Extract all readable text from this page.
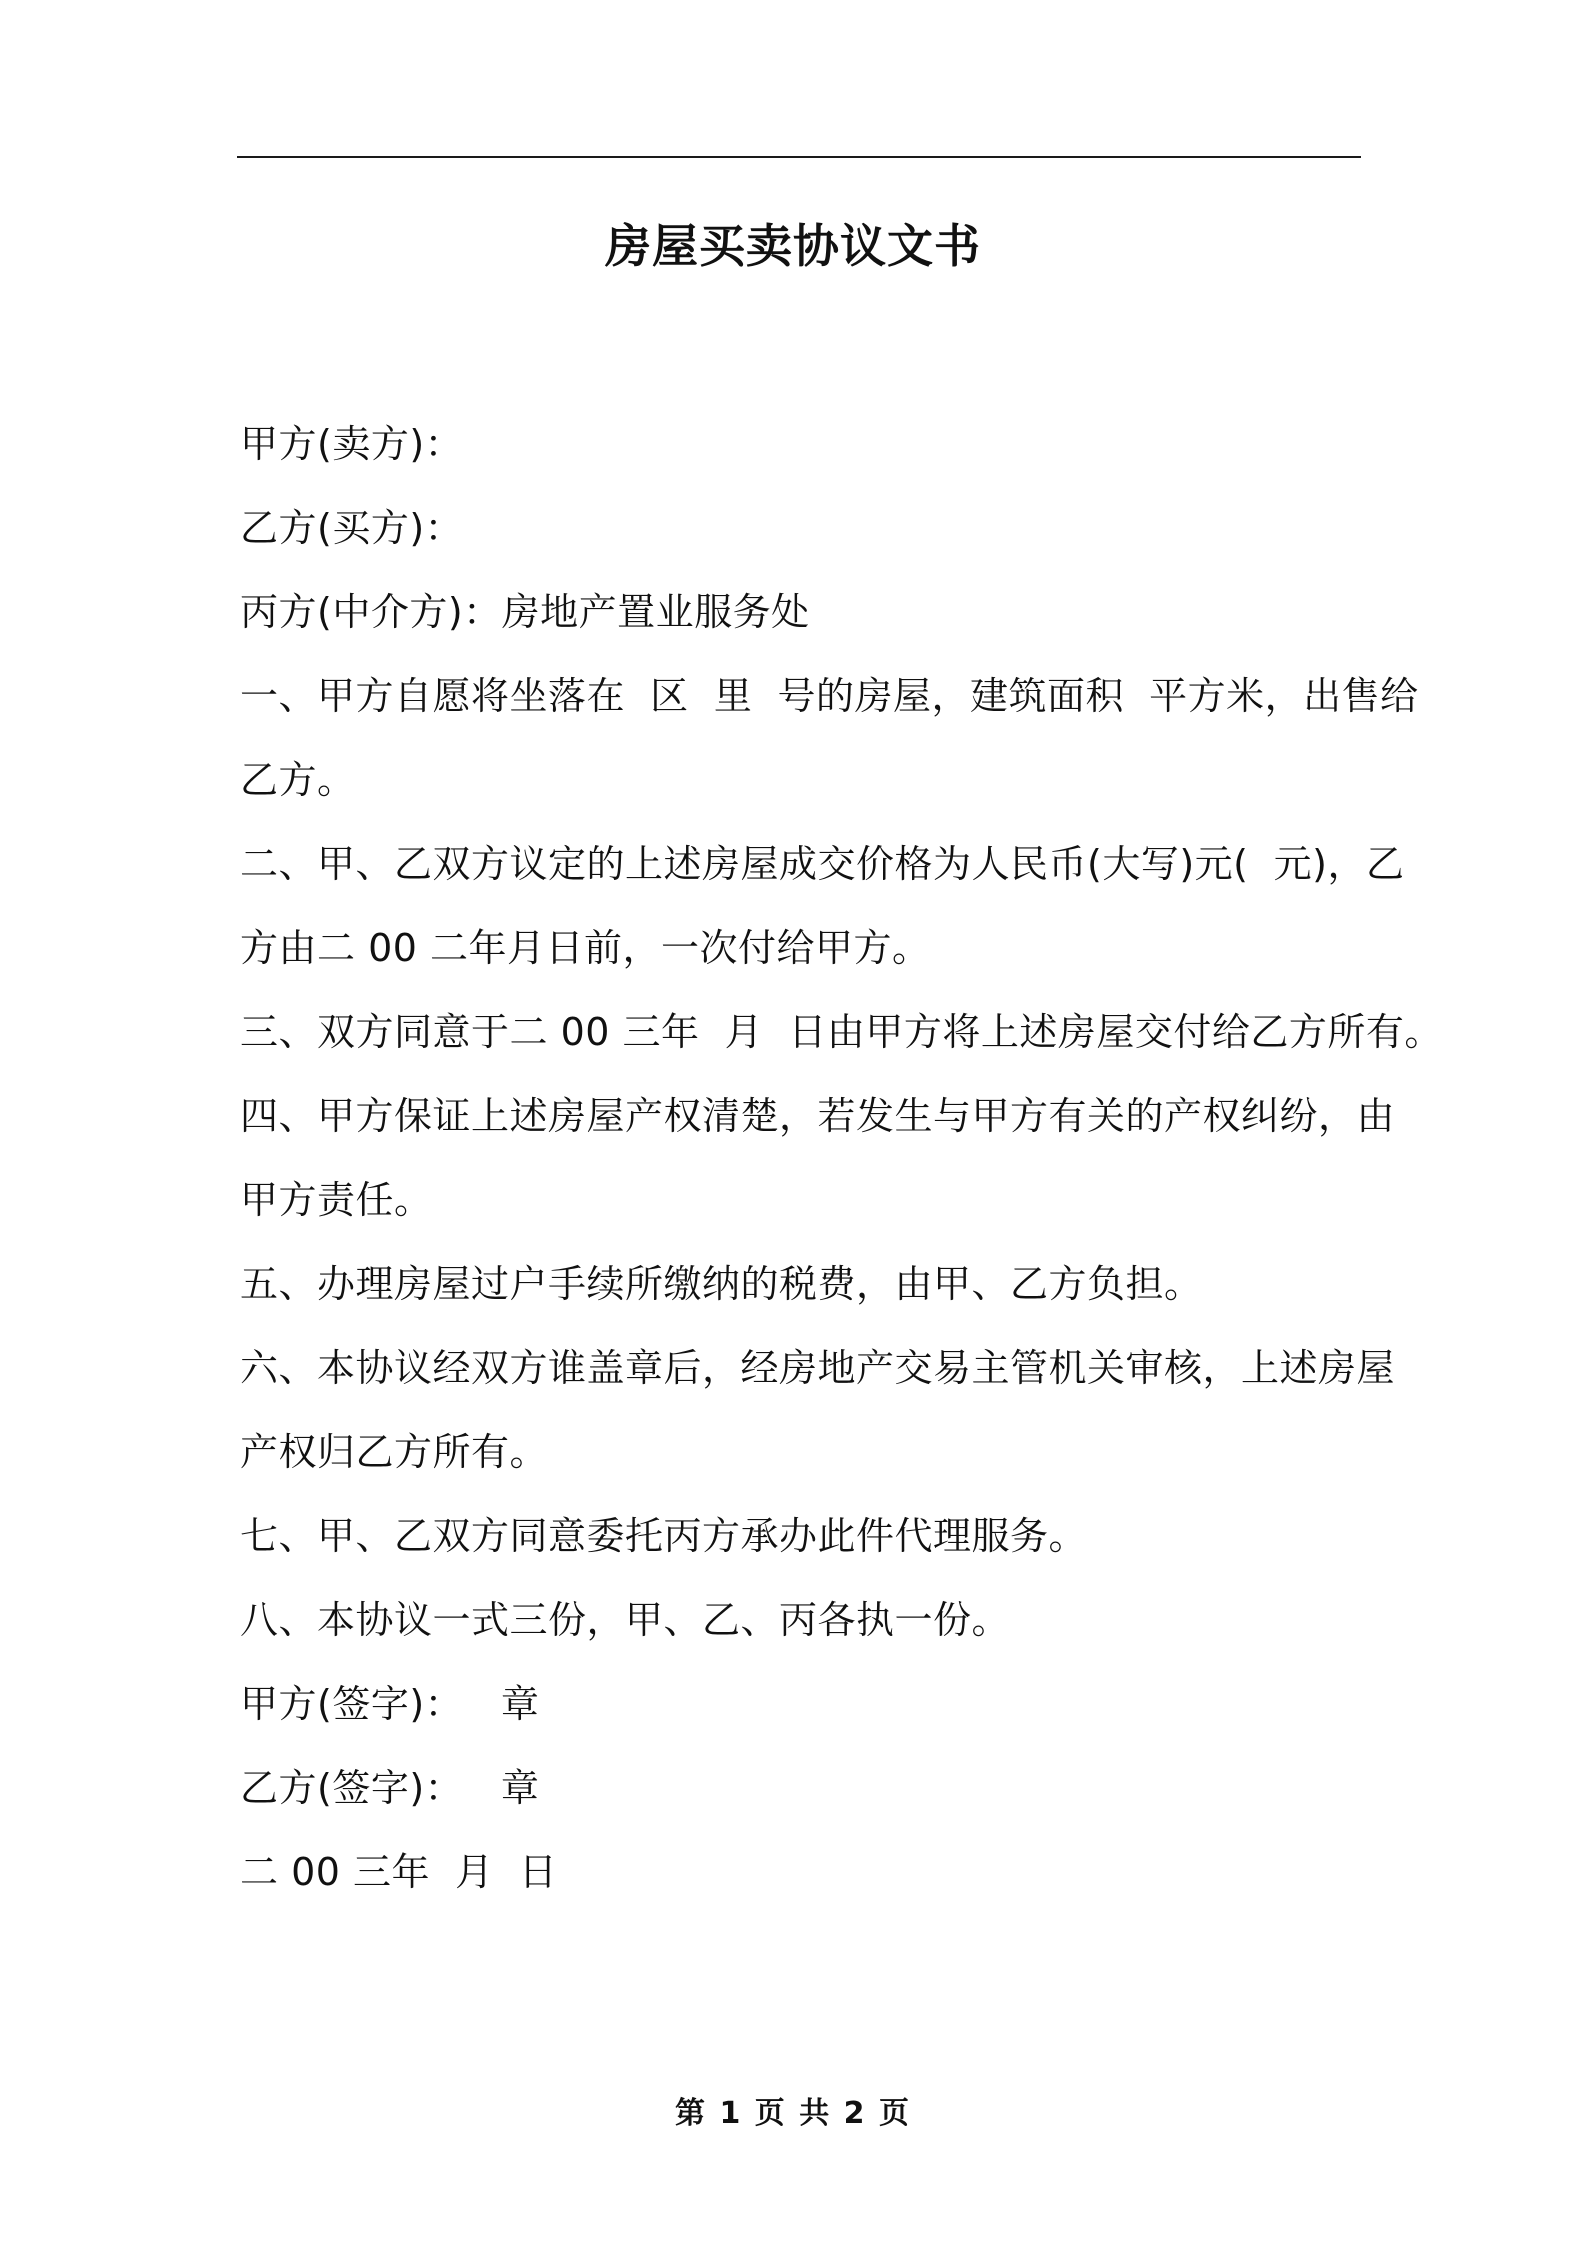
房屋买卖协议文书
甲方(卖方)：
乙方(买方)：
丙方(中介方)：房地产置业服务处
一、甲方自愿将坐落在  区  里  号的房屋，建筑面积  平方米，出售给
乙方。
二、甲、乙双方议定的上述房屋成交价格为人民币(大写)元(  元)，乙
方由二 00 二年月日前，一次付给甲方。
三、双方同意于二 00 三年  月  日由甲方将上述房屋交付给乙方所有。
四、甲方保证上述房屋产权清楚，若发生与甲方有关的产权纠纷，由
甲方责任。
五、办理房屋过户手续所缴纳的税费，由甲、乙方负担。
六、本协议经双方谁盖章后，经房地产交易主管机关审核，上述房屋
产权归乙方所有。
七、甲、乙双方同意委托丙方承办此件代理服务。
八、本协议一式三份，甲、乙、丙各执一份。
甲方(签字)：   章
乙方(签字)：   章
二 00 三年  月  日
第 1 页 共 2 页
